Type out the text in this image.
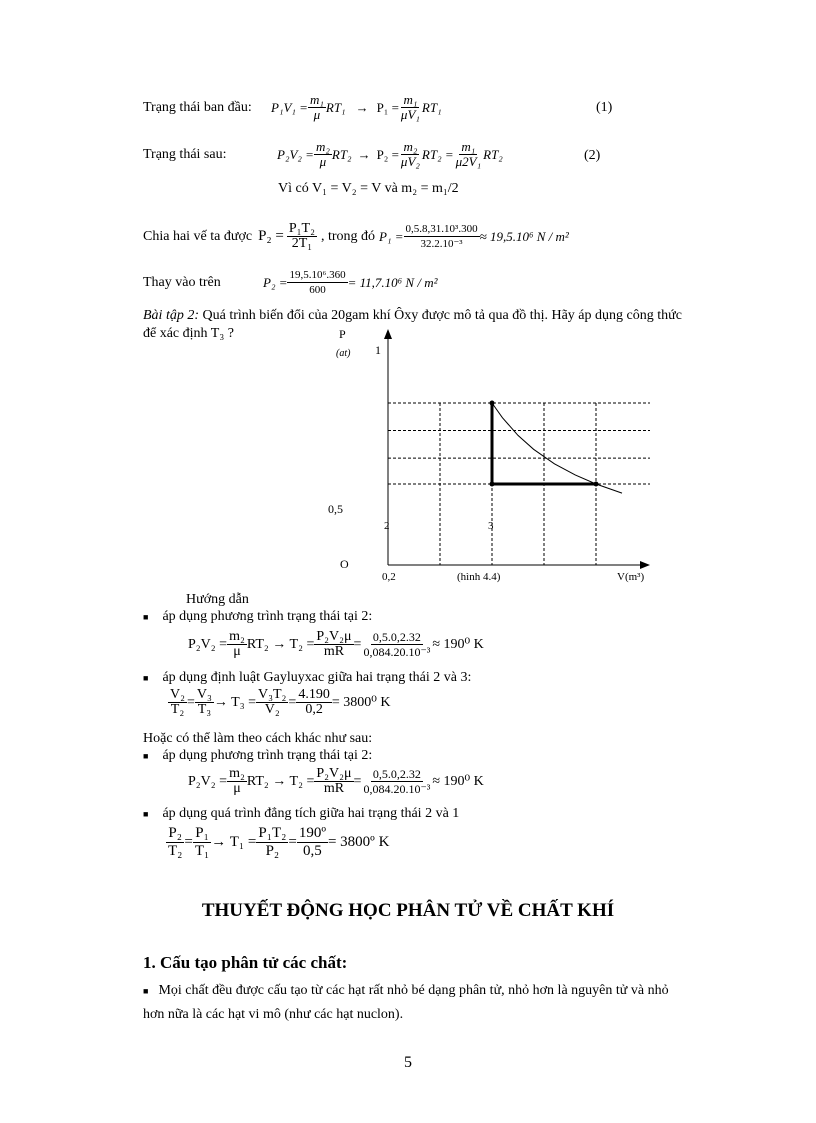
Trạng thái ban đầu:	$P_1V_1 = \frac{\text{m₁}}{\mu} RT_1 \to P_1 = \frac{\text{m₁}}{\text{μV₁}} RT_1$	(1)
Trạng thái sau:	$P_2V_2 = \frac{\text{m₂}}{\mu} RT_2 \to P_2 = \frac{\text{m₂}}{\text{μV₂}} RT_2 = \frac{\text{m₁}}{\text{μ2V₁}} RT_2$	(2)
Vì có V₁ = V₂ = V và m₂ = m₁/2
Chia hai vế ta được $P_2 = \frac{\text{P₁T₂}}{\text{2T₁}}$ , trong đó $P_1 = \frac{\text{0,5.8,31.10³.300}}{\text{32.2.10⁻³}} \approx 19,5.10^6$ N / m²
Thay vào trên	$P_2 = \frac{\text{19,5.10⁶.360}}{600} = 11,7.10^6$ N / m²
Bài tập 2: Quá trình biến đổi của 20gam khí Ôxy được mô tả qua đồ thị. Hãy áp dụng công thức
để xác định T₃ ?	P
(at)
O
1
0,5
0,2	(hình 4.4)	V(m³)
2	3
Hướng dẫn
■ áp dụng phương trình trạng thái tại 2:
$P_2V_2 = \frac{\text{m₂}}{\mu} RT_2 \to T_2 = \frac{\text{P₂V₂μ}}{mR} = \frac{0,5.0,2.32}{\text{0,084.20.10⁻³}} \approx 190^0$ K
■ áp dụng định luật Gayluyxac giữa hai trạng thái 2 và 3:
$\frac{\text{V₂}}{\text{T₂}} = \frac{\text{V₃}}{\text{T₃}} \to T_3 = \frac{\text{V₃T₂}}{\text{V₂}} = \frac{4.190}{0,2} = 3800^0$ K
Hoặc có thể làm theo cách khác như sau:
■ áp dụng phương trình trạng thái tại 2:
$P_2V_2 = \frac{\text{m₂}}{\mu} RT_2 \to T_2 = \frac{\text{P₂V₂μ}}{mR} = \frac{0,5.0,2.32}{\text{0,084.20.10⁻³}} \approx 190^0$ K
■ áp dụng quá trình đẳng tích giữa hai trạng thái 2 và 1
$\frac{\text{P₂}}{\text{T₂}} = \frac{\text{P₁}}{\text{T₁}} \to T_1 = \frac{\text{P₁T₂}}{\text{P₂}} = \frac{\text{190º}}{0,5}$ = 3800º K
THUYẾT ĐỘNG HỌC PHÂN TỬ VỀ CHẤT KHÍ
1. Cấu tạo phân tử các chất:
■ Mọi chất đều được cấu tạo từ các hạt rất nhỏ bé dạng phân tử, nhỏ hơn là nguyên tử và nhỏ
hơn nữa là các hạt vi mô (như các hạt nuclon).
5
